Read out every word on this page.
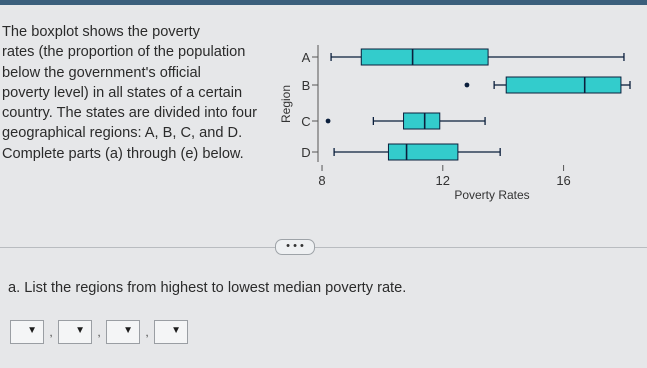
The boxplot shows the poverty
rates (the proportion of the population
below the government's official
poverty level) in all states of a certain
country. The states are divided into four
geographical regions: A, B, C, and D.
Complete parts (a) through (e) below.
Region
A
B
C
D
8	12	16
Poverty Rates
• • •
a. List the regions from highest to lowest median poverty rate.
▼	,	▼	,	▼	,	▼
